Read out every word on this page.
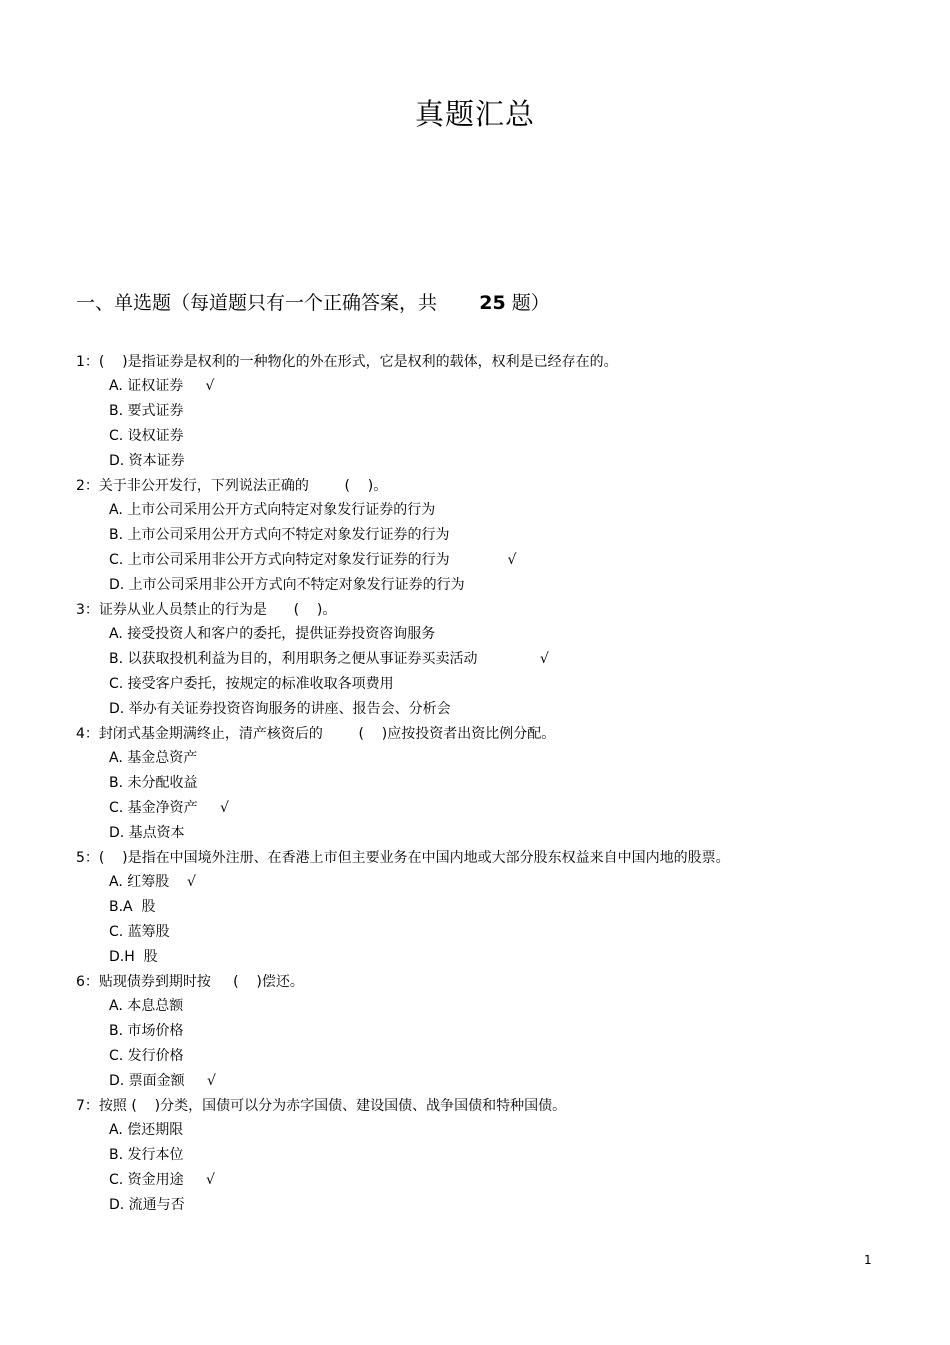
真题汇总
一、单选题（每道题只有一个正确答案，共 25 题）
1：(    )是指证券是权利的一种物化的外在形式，它是权利的载体，权利是已经存在的。
A. 证权证券 √
B. 要式证券
C. 设权证券
D. 资本证券
2：关于非公开发行，下列说法正确的        (    )。
A. 上市公司采用公开方式向特定对象发行证券的行为
B. 上市公司采用公开方式向不特定对象发行证券的行为
C. 上市公司采用非公开方式向特定对象发行证券的行为	√
D. 上市公司采用非公开方式向不特定对象发行证券的行为
3：证券从业人员禁止的行为是      (    )。
A. 接受投资人和客户的委托，提供证券投资咨询服务
B. 以获取投机利益为目的，利用职务之便从事证券买卖活动	√
C. 接受客户委托，按规定的标准收取各项费用
D. 举办有关证券投资咨询服务的讲座、报告会、分析会
4：封闭式基金期满终止，清产核资后的        (    )应按投资者出资比例分配。
A. 基金总资产
B. 未分配收益
C. 基金净资产 √
D. 基点资本
5：(    )是指在中国境外注册、在香港上市但主要业务在中国内地或大部分股东权益来自中国内地的股票。
A. 红筹股 √
B.A  股
C. 蓝筹股
D.H  股
6：贴现债券到期时按     (    )偿还。
A. 本息总额
B. 市场价格
C. 发行价格
D. 票面金额 √
7：按照 (    )分类，国债可以分为赤字国债、建设国债、战争国债和特种国债。
A. 偿还期限
B. 发行本位
C. 资金用途 √
D. 流通与否
1
